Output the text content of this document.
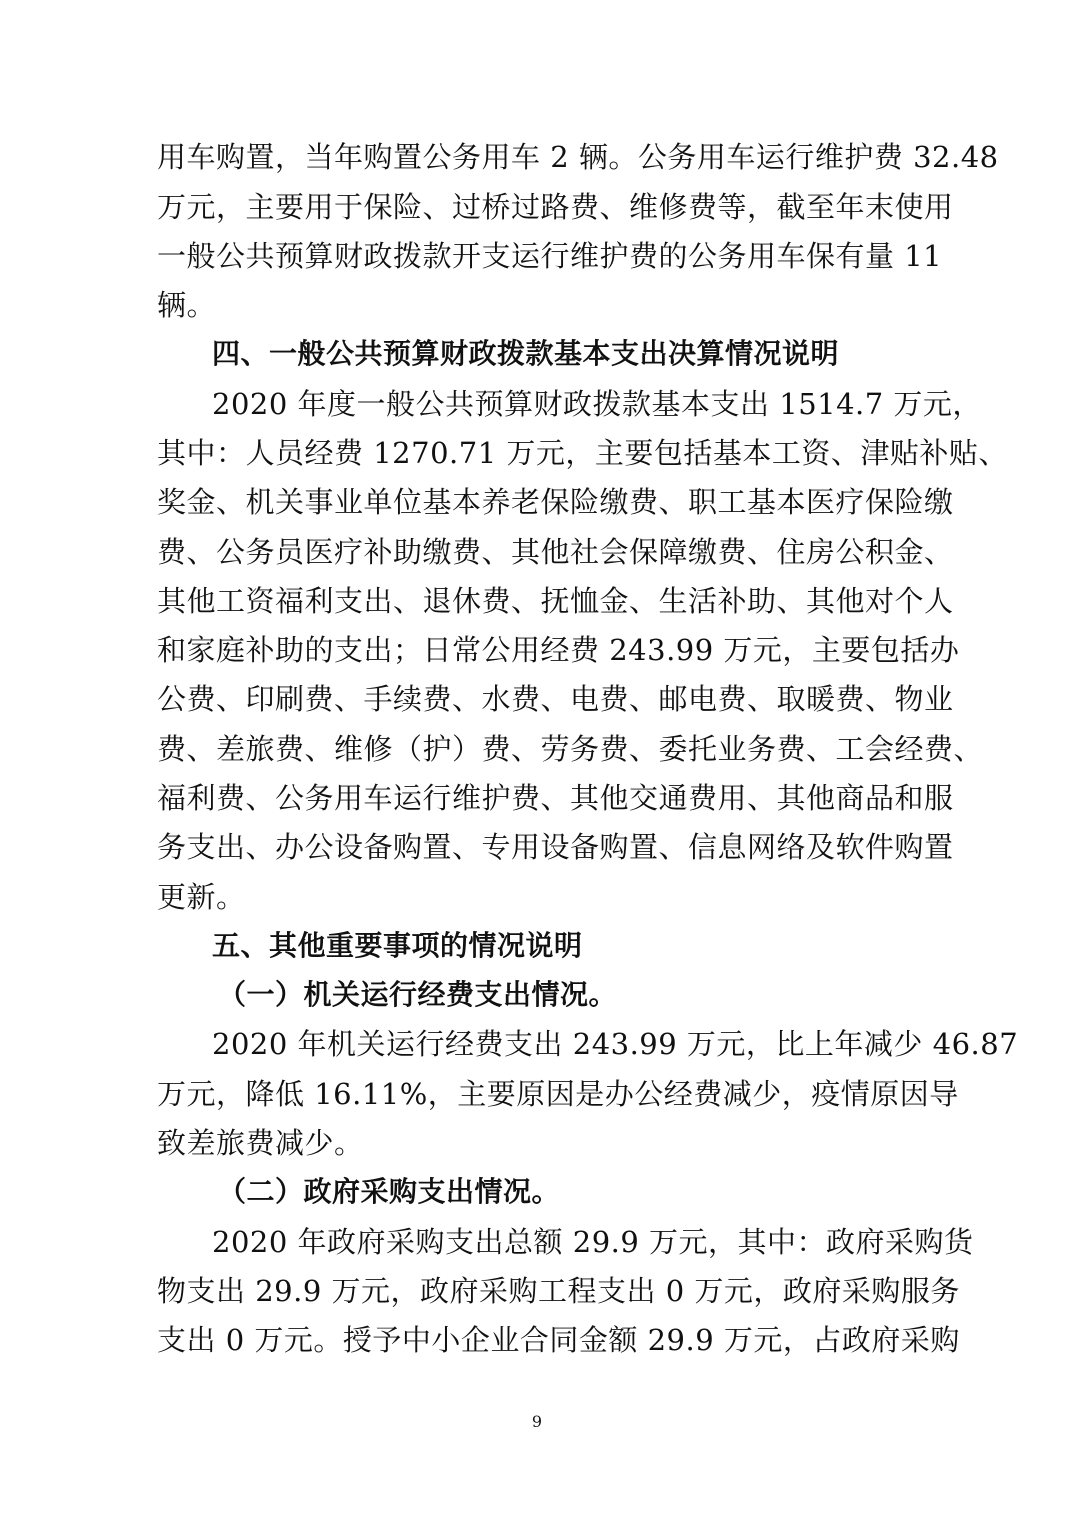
用车购置，当年购置公务用车 2 辆。公务用车运行维护费 32.48
万元，主要用于保险、过桥过路费、维修费等，截至年末使用
一般公共预算财政拨款开支运行维护费的公务用车保有量 11
辆。
四、一般公共预算财政拨款基本支出决算情况说明
2020 年度一般公共预算财政拨款基本支出 1514.7 万元，
其中：人员经费 1270.71 万元，主要包括基本工资、津贴补贴、
奖金、机关事业单位基本养老保险缴费、职工基本医疗保险缴
费、公务员医疗补助缴费、其他社会保障缴费、住房公积金、
其他工资福利支出、退休费、抚恤金、生活补助、其他对个人
和家庭补助的支出；日常公用经费 243.99 万元，主要包括办
公费、印刷费、手续费、水费、电费、邮电费、取暖费、物业
费、差旅费、维修（护）费、劳务费、委托业务费、工会经费、
福利费、公务用车运行维护费、其他交通费用、其他商品和服
务支出、办公设备购置、专用设备购置、信息网络及软件购置
更新。
五、其他重要事项的情况说明
（一）机关运行经费支出情况。
2020 年机关运行经费支出 243.99 万元，比上年减少 46.87
万元，降低 16.11%，主要原因是办公经费减少，疫情原因导
致差旅费减少。
（二）政府采购支出情况。
2020 年政府采购支出总额 29.9 万元，其中：政府采购货
物支出 29.9 万元，政府采购工程支出 0 万元，政府采购服务
支出 0 万元。授予中小企业合同金额 29.9 万元，占政府采购
9
